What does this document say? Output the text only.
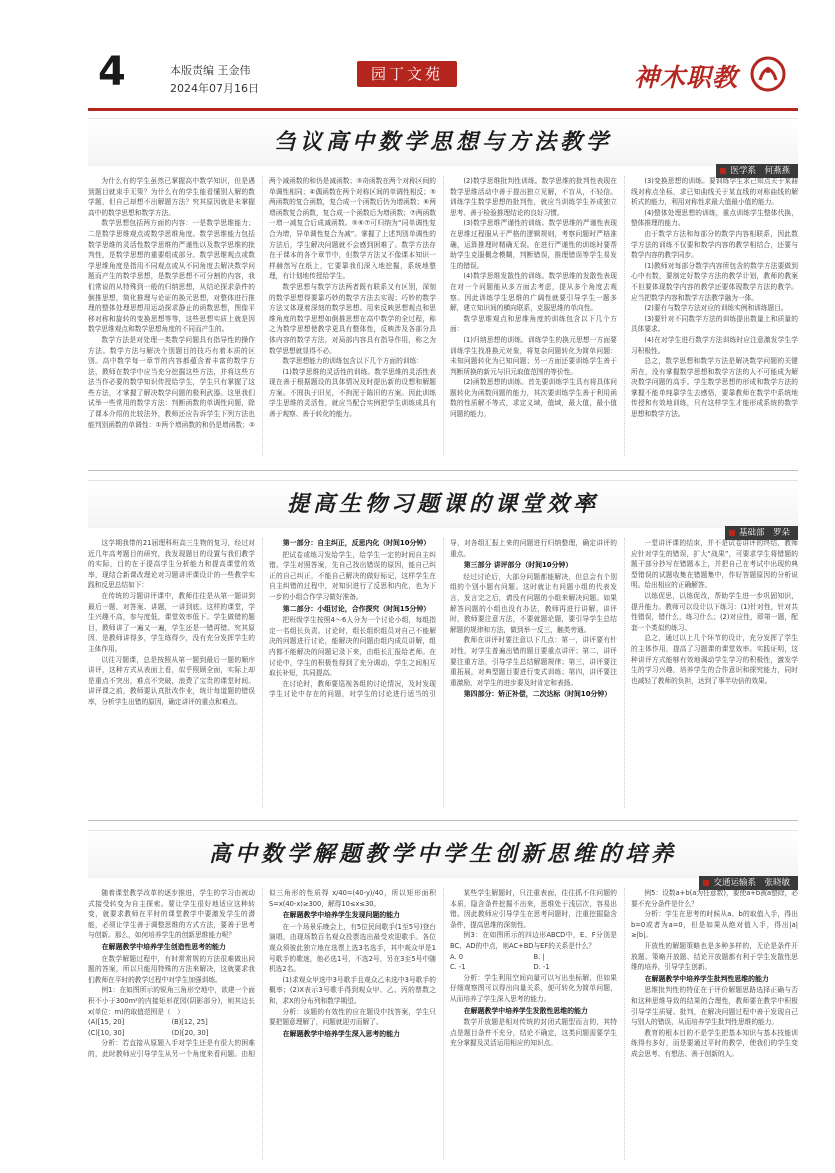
4	本版责编 王金伟
2024年07月16日
园丁文苑	神木职教
刍议高中数学思想与方法教学
医学系　何燕燕

为什么有的学生虽然已掌握高中数学知识，但是遇到题目就束手无策？为什么有的学生能看懂别人解的数学题，但自己却想不出解题方法？究其原因就是未掌握高中的数学思想和数学方法。

数学思想包括两方面的内容：一是数学思维能力；二是数学思维观点或数学思维角度。数学思维能力包括数学思维的灵活性数学思维的严谨性以及数学思维的批判性，是数学思想的重要组成部分。数学思维观点或数学思维角度是指用不同观点或从不同角度去解决数学问题而产生的数学思想，是数学思想不可分割的内容，我们常说的从特殊到一般的归纳思想，从结论探求条件的倒推思想，简化推理与论证的换元思想，对整体进行推理的整体处理思想用运动探求静止的函数思想，图像平移对称和旋转的变换思想等等，这些思想实质上就是因数学思维观点和数学思想角度的不同而产生的。

数学方法是对处理一类数学问题具有指导性的操作方法。数学方法与解决个别题目的技巧有着本质的区别。高中数学每一章节的内容都蕴含着丰富的数学方法，教师在数学中应当充分挖掘这些方法，并将这些方法当作必要的数学知识传授给学生，学生只有掌握了这些方法，才掌握了解决数学问题的极利武器。这里我们试举一些常用的数学方法：判断函数的单调性问题，除了课本介绍的比较法外，教师还应告诉学生下列方法也能判别函数的单调性：①两个增函数的和仍是增函数；②两个减函数的和仍是减函数；③奇函数在两个对称区间的单调性相同；④偶函数在两个对称区间的单调性相反；⑤两函数的复合函数，复合成一个函数后仍为增函数；⑥两增函数复合函数，复合成一个函数后为增函数；⑦两函数一增一减复合后成减函数。⑤⑥⑦可归纳为“同单调性复合为增，异单调性复合为减”。掌握了上述判别单调性的方法后，学生解决问题就不会感到困难了。数学方法存在于课本的各个章节中，但数学方法又不像课本知识一样赫然写在纸上，它要靠我们深入地挖掘，系统地整理，有计划地传授给学生。

数学思想与数学方法两者既有联系又有区别，深刻的数学思想得要靠巧妙的数学方法去实现；巧妙的数学方法又体现着深刻的数学思想。用来反映思想观点和思维角度的数学思想如倒推思想在高中数学的全过程，称之为数学思想使教学更具有整体性，反映涉及各部分具体内容的数学方法，对局部内容具有指导作用，称之为数学思想就显得不必。

数学思想能力的训练包含以下几个方面的训练：

(1)数学思维的灵活性的训练。数学思维的灵活性表现在善于根据题设的具体情况及时提出新的设想和解题方案。不囿执于旧见，不拘泥于陈旧的方案。因此训练学生思维的灵活性，就应当配合实例把学生训练成具有善于观察、善于转化的能力。

(2)数学思维批判性训练。数学思维的批判性表现在数学思维活动中善于提出独立见解，不盲从，不轻信。训练学生数学思想的批判性，就应当训练学生养成独立思考、善于检验推理结论的良好习惯。

(3)数学思维严谨性的训练。数学思维的严谨性表现在思维过程服从于严格的逻辑规则，考察问题时严格准确，运算推理时精确无误。在进行严谨性的训练时要帮助学生克服概念模糊，判断错误，推理错误等学生易发生的错误。

(4)数学思维发散性的训练。数学思维的发散性表现在对一个问题能从多方面去考虑，提从多个角度去观察。因此训练学生思维的广阔性就要引导学生一题多解，建立知识间的横向联系，克服思维的单向性。

数学思维观点和思维角度的训练包含以下几个方面：

(1)归纳思想的训练。训练学生的换元思想一方面要训练学生找准换元对象，将复杂问题转化为简单问题：未知问题转化为已知问题；另一方面还要训练学生善于判断所换的新元与旧元取值范围的等价性。

(2)函数思想的训练。首先要训练学生具有将具体问题转化为函数问题的能力，其次要训练学生善于利用函数的性质解不等式，求定义域，值域，最大值，最小值问题的能力。

(3)变换思想的训练。要训练学生求己知点关于某曲线对称点坐标，求已知曲线关于某直线的对称曲线的解析式的能力，利用对称性求最大值最小值的能力。

(4)整体处理思想的训练，重点训练学生整体代换，整体推理的能力。

由于数学方法和每部分的数学内容相联系，因此数学方法的训练不仅要和数学内容的教学相结合，还要与数学内容的教学同步。

(1)教师对每部分数学内容所包含的数学方法要做到心中有数，要制定好数学方法的教学计划，教师的教案不但要体现数学内容的教学还要体现数学方法的教学。应当把数学内容和数学方法教学融为一体。

(2)要有与数学方法对应的训练实例和训练题目。

(3)要针对不同数学方法的训练提出数量上和质量的具体要求。

(4)在对学生进行数学方法训练时应注意激发学生学习积极性。

总之，数学思想和数学方法是解决数学问题的关键所在，没有掌握数学思想和数学方法的人不可能成为解决数学问题的高手。学生数学思想的形成和数学方法的掌握不能单纯靠学生去感悟，要靠教师在数学中系统地传授和有效地训练，只有这样学生才能形成系统的数学思想和数学方法。

提高生物习题课的课堂效率
基础部　罗朵

这学期我带的21届理科班高三生物的复习，经过对近几年高考题目的研究，我发现题目的设置与我们教学的实际，目的在于提高学生分析能力和提高课堂的效率，现结合新课改理论对习题讲评课设计的一些教学实践和反思总结如下：

在传统的习题讲评课中，教师往往是从第一题讲到最后一题，对答案、讲题，一讲到底。这样的课堂，学生兴趣不高，参与度低，课堂效率低下。学生做错的题目，教师讲了一遍又一遍，学生还是一错再错。究其原因，是教师讲得多，学生练得少，没有充分发挥学生的主体作用。

以往习题课，总是按照从第一题到最后一题的顺序讲评，这种方式从表面上看，似乎照顾全面，实际上却是重点不突出，难点不突破，浪费了宝贵的课堂时间。讲评课之前，教师要认真批改作业，统计每道题的错误率，分析学生出错的原因，确定讲评的重点和难点。

第一部分：自主纠正，反思内化（时间10分钟）

把试卷或练习发给学生，给学生一定的时间自主纠错。学生对照答案，先自己找出错误的原因，能自己纠正的自己纠正，不能自己解决的做好标记，这样学生在自主纠错的过程中，对知识进行了反思和内化，也为下一步的小组合作学习做好准备。

第二部分：小组讨论，合作探究（时间15分钟）

把班级学生按照4～6人分为一个讨论小组，每组指定一名组长负责。讨论时，组长组织组员对自己不能解决的问题进行讨论，能解决的问题由组内成员讲解，组内都不能解决的问题记录下来，由组长汇报给老师。在讨论中，学生的积极性得到了充分调动，学生之间相互取长补短，共同提高。

在讨论时，教师要巡视各组的讨论情况，及时发现学生讨论中存在的问题，对学生的讨论进行适当的引导，对各组汇报上来的问题进行归纳整理，确定讲评的重点。

第三部分 讲评部分（时间10分钟）

经过讨论后，大部分问题都能解决，但总会有个别组的个别小题有问题。这时就让有问题小组的代表发言，发言完之后，请没有问题的小组来解决问题。如果解答问题的小组也没有办法，教师再进行讲解。讲评时，教师要注意方法，不要就题论题，要引导学生总结解题的规律和方法，做到举一反三，触类旁通。

教师在讲评时要注意以下几点：第一，讲评要有针对性，对学生普遍出错的题目要重点讲评；第二，讲评要注重方法，引导学生总结解题规律；第三，讲评要注重拓展，对典型题目要进行变式训练；第四，讲评要注重激励，对学生的进步要及时肯定和表扬。

第四部分：矫正补偿，二次达标（时间10分钟）

一堂讲评课的结束，并不是试卷讲评的终结，教师应针对学生的错误，扩大“战果”，可要求学生将错题的题干部分抄写在错题本上，并把自己在考试中出现的典型错误的试题收集在错题集中，作好答题原因的分析说明。给出相应的正确解答。

以练促思，以练促改，帮助学生进一步巩固知识，提升能力。教师可以设计以下练习：(1)针对性，针对共性错误，错什么，练习什么；(2)对应性，即第一题，配套一个类似的练习。

总之，通过以上几个环节的设计，充分发挥了学生的主体作用，提高了习题课的课堂效率。实践证明，这种讲评方式能够有效地调动学生学习的积极性，激发学生的学习兴趣，培养学生的合作意识和探究能力，同时也减轻了教师的负担，达到了事半功倍的效果。

高中数学解题教学中学生创新思维的培养
交通运输系　张晓敏

随着课堂教学改革的逐步推进，学生的学习由被动式接受转变为自主探索。要让学生很好地适应这种转变，就要求教师在平时的课堂教学中要激发学生的潜能，必须让学生善于调整思维的方式方法，要善于思考与创新。那么，如何培养学生的创新思维能力呢？

在解题教学中培养学生创造性思考的能力

在数学解题过程中，有时常常规的方法很难做出问题的答案，所以只能用特殊的方法来解决，这就要求我们教师在平时的教学过程中对学生加强训练。

例1：在如图所示的锐角三角形空地中，欲建一个面积不小于300m²的内接矩形花园(阴影部分)，则其边长x(单位：m)的取值范围是（　）

(A)[15, 20]	(B)[12, 25]
(C)[10, 30]	(D)[20, 30]

分析：若直接从原题入手对学生还是有很大的困难的，此时教师应引导学生从另一个角度来看问题。由相似三角形的性质得 x/40=(40-y)/40，所以矩形面积S=x(40-x)≥300，解得10≤x≤30。

在解题教学中培养学生发现问题的能力

在一个场景乐晚会上，有5位民间歌手(1至5号)登台演唱，由现场数百名观众投票选出最受欢迎歌手。各位观众须彼此独立地在选票上选3名选手，其中观众甲是1号歌手的歌迷，他必选1号，不选2号，另在3至5号中随机选2名。

(1)求观众甲选中3号歌手且观众乙未选中3号歌手的概率；(2)X表示3号歌手得到观众甲、乙、丙的票数之和，求X的分布列和数学期望。

分析：该题的有效性的应在题设中找答案，学生只要把题意理解了，问题就迎刃而解了。

在解题教学中培养学生深入思考的能力

某些学生解题时，只注重表面，往往抓不住问题的本质，隐含条件挖掘不出来，思维处于浅层次，容易出错。因此教师应引导学生在思考问题时，注重挖掘隐含条件，提高思维的深刻性。

例3：在如图所示的四边形ABCD中，E、F分别是BC、AD的中点，则AC+BD与EF的关系是什么？

A. 0	B. |
C. -1	D. -1

分析：学生利用空间向量可以写出坐标解，但如果仔细观察图可以得出向量关系，便可转化为简单问题，从而培养了学生深入思考的能力。

在解题教学中培养学生发散性思维的能力

数学开放题是相对传统的封闭式题型而言的，其特点是题目条件不充分，结论不确定，这类问题需要学生充分掌握及灵活运用相应的知识点。

例5：设数a+b(a为任意数)，要使a+b被a整除，必要不充分条件是什么？

分析：学生在思考的时候从a、b的取值入手，得出b=0或者为a=0，但是如果从绝对值入手，得出|a|≥|b|。

开放性的解题策略也是多种多样的，无论是条件开放题、策略开放题、结论开放题都有利于学生发散性思维的培养，引导学生创新。

在解题教学中培养学生批判性思维的能力

思维批判性的特征在于评价解题思路选择正确与否和这种思维导致的结果的合理性，教师要在教学中积极引导学生质疑、批判，在解决问题过程中善于发现自己与别人的错误，从而培养学生批判性思维的能力。

教育的根本目的不是学生把基本知识与基本技能训练得有多好，而是要通过平时的教学，使我们的学生变成会思考、有想法、善于创新的人。
